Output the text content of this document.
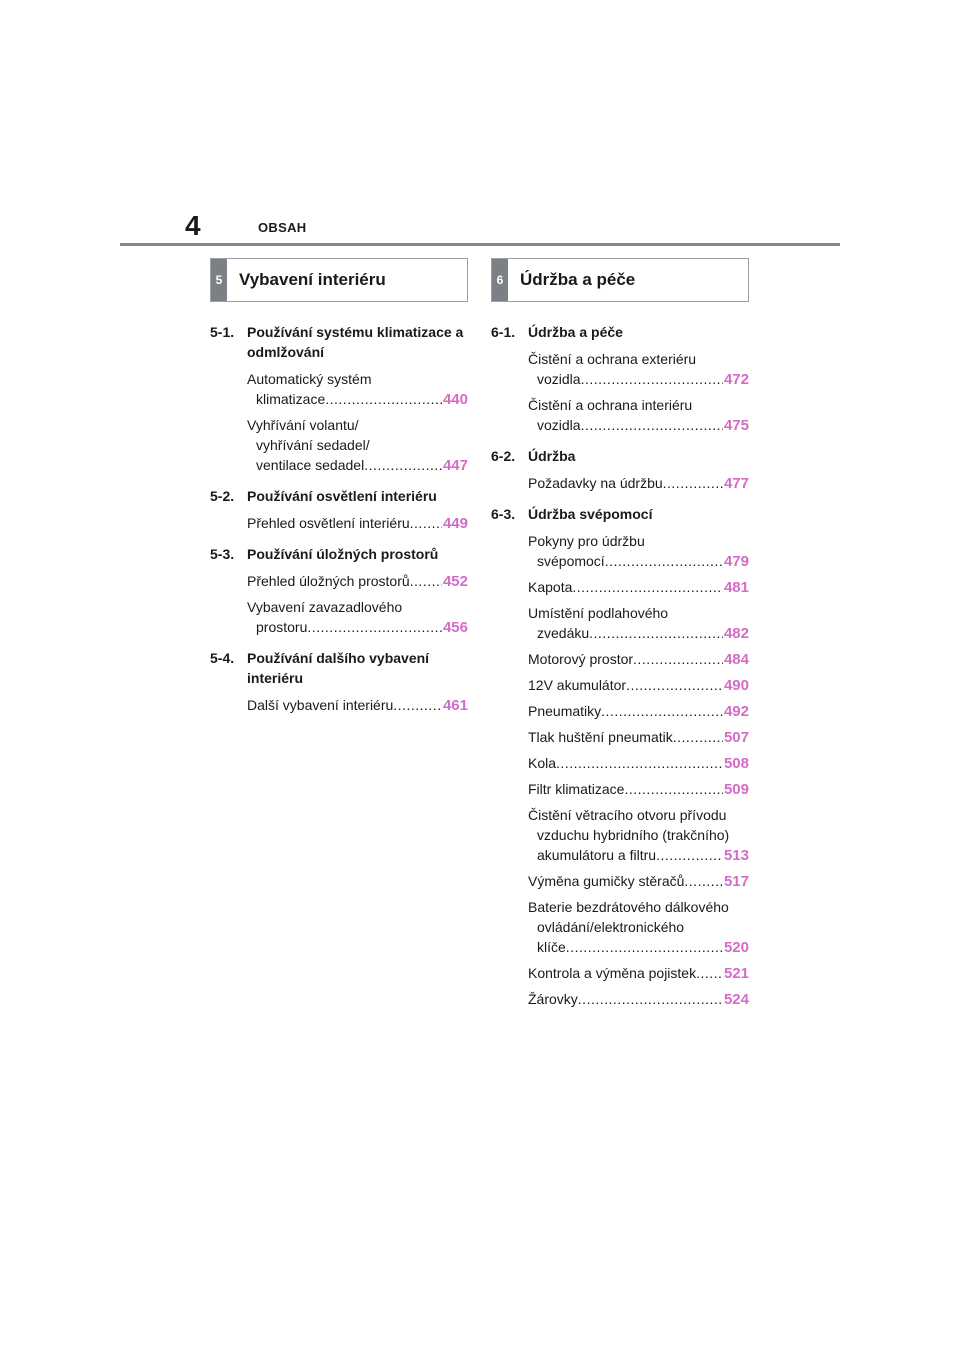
4	OBSAH
5 Vybavení interiéru
5-1. Používání systému klimatizace a odmlžování
Automatický systém
klimatizace .....	440
Vyhřívání volantu/
vyhřívání sedadel/
ventilace sedadel .....	447
5-2. Používání osvětlení interiéru
Přehled osvětlení interiéru ..... 449
5-3. Používání úložných prostorů
Přehled úložných prostorů ..... 452
Vybavení zavazadlového
prostoru .....	456
5-4. Používání dalšího vybavení interiéru
Další vybavení interiéru .....	461
6 Údržba a péče
6-1. Údržba a péče
Čistění a ochrana exteriéru
vozidla .....	472
Čistění a ochrana interiéru
vozidla .....	475
6-2. Údržba
Požadavky na údržbu .....	477
6-3. Údržba svépomocí
Pokyny pro údržbu
svépomocí .....	479
Kapota .....	481
Umístění podlahového
zvedáku .....	482
Motorový prostor .....	484
12V akumulátor .....	490
Pneumatiky .....	492
Tlak huštění pneumatik .....	507
Kola .....	508
Filtr klimatizace .....	509
Čistění větracího otvoru přívodu
vzduchu hybridního (trakčního)
akumulátoru a filtru .....	513
Výměna gumičky stěračů .....	517
Baterie bezdrátového dálkového
ovládání/elektronického
klíče .....	520
Kontrola a výměna pojistek ..... 521
Žárovky .....	524
